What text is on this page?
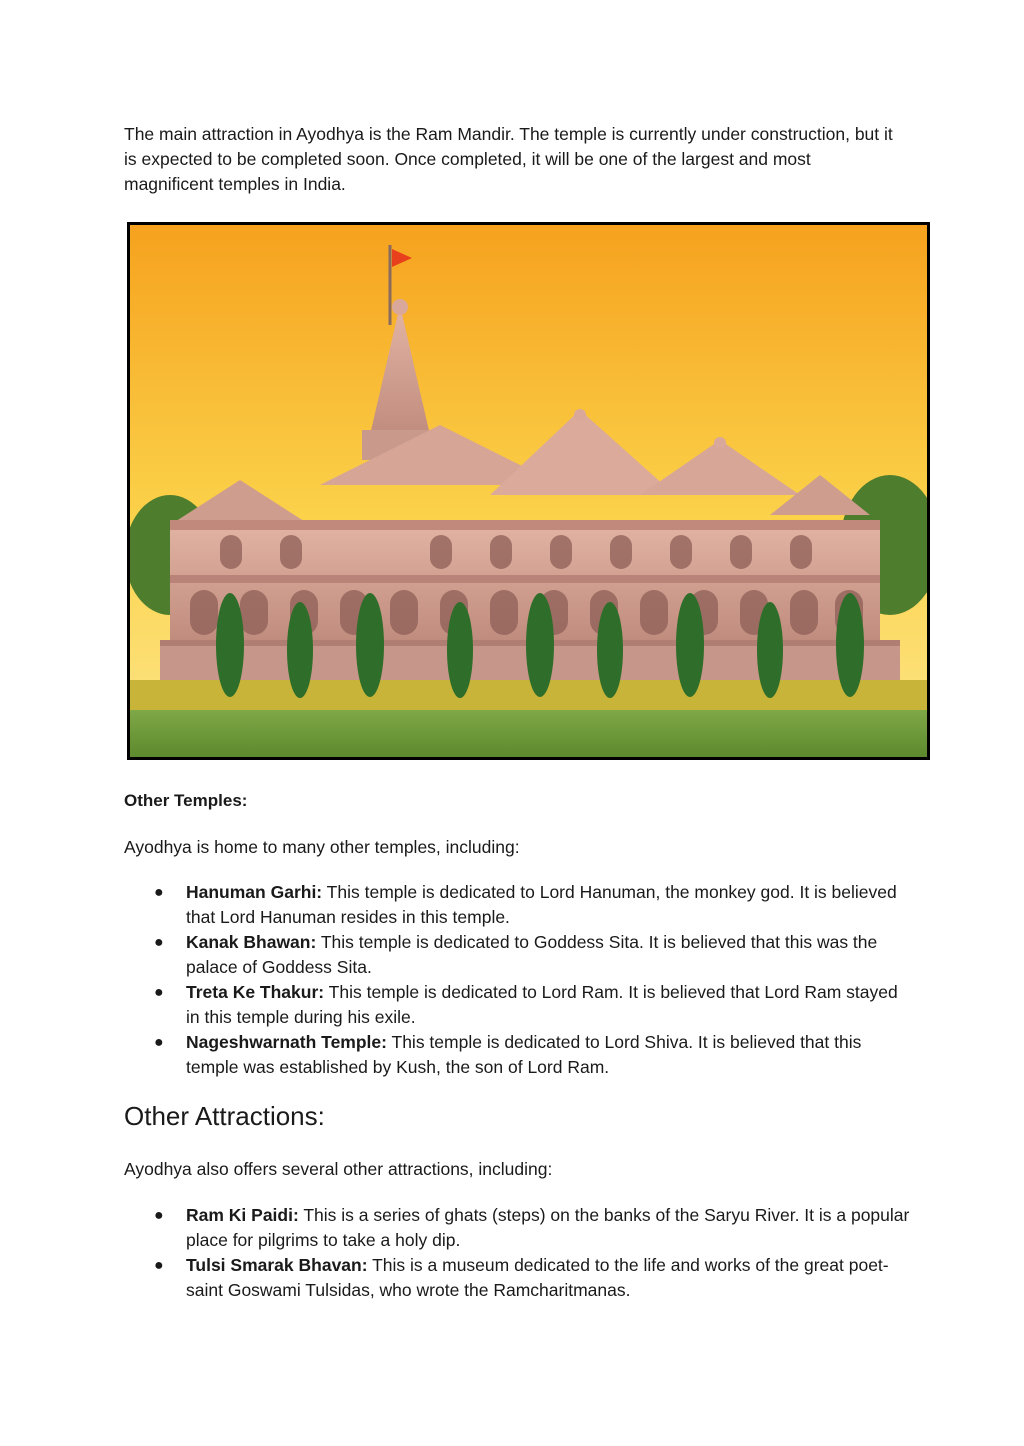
The main attraction in Ayodhya is the Ram Mandir. The temple is currently under construction, but it is expected to be completed soon. Once completed, it will be one of the largest and most magnificent temples in India.

Other Temples:

Ayodhya is home to many other temples, including:

● Hanuman Garhi: This temple is dedicated to Lord Hanuman, the monkey god. It is believed that Lord Hanuman resides in this temple.
● Kanak Bhawan: This temple is dedicated to Goddess Sita. It is believed that this was the palace of Goddess Sita.
● Treta Ke Thakur: This temple is dedicated to Lord Ram. It is believed that Lord Ram stayed in this temple during his exile.
● Nageshwarnath Temple: This temple is dedicated to Lord Shiva. It is believed that this temple was established by Kush, the son of Lord Ram.
Other Attractions:

Ayodhya also offers several other attractions, including:

● Ram Ki Paidi: This is a series of ghats (steps) on the banks of the Saryu River. It is a popular place for pilgrims to take a holy dip.
● Tulsi Smarak Bhavan: This is a museum dedicated to the life and works of the great poet-saint Goswami Tulsidas, who wrote the Ramcharitmanas.
